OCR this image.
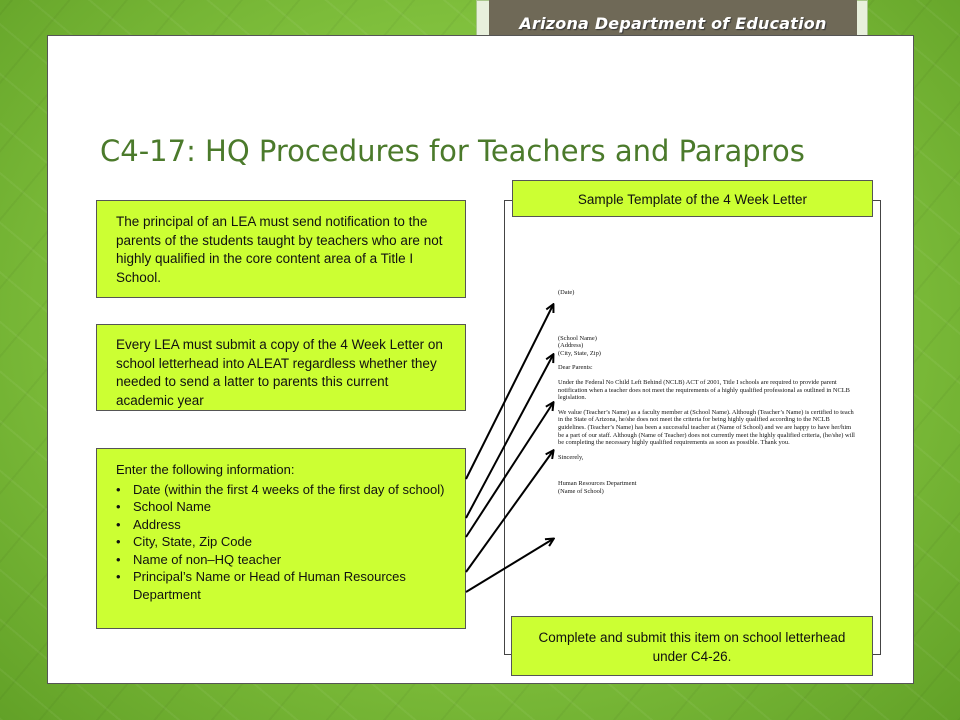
Arizona Department of Education
C4-17: HQ Procedures for Teachers and Parapros
The principal of an LEA must send notification to the parents of the students taught by teachers who are not highly qualified in the core content area of a Title I School.
Every LEA must submit a copy of the 4 Week Letter on school letterhead into ALEAT regardless whether they needed to send a latter to parents this current academic year
Enter the following information:
• Date (within the first 4 weeks of the first day of school)
• School Name
• Address
• City, State, Zip Code
• Name of non–HQ teacher
• Principal’s Name or Head of Human Resources Department
Sample Template of the 4 Week Letter

(Date)

(School Name)

(Address)

(City, State, Zip)

Dear Parents:

Under the Federal No Child Left Behind (NCLB) ACT of 2001, Title I schools are required to provide parent notification when a teacher does not meet the requirements of a highly qualified professional as outlined in NCLB legislation.

We value (Teacher’s Name) as a faculty member at (School Name). Although (Teacher’s Name) is certified to teach in the State of Arizona, he/she does not meet the criteria for being highly qualified according to the NCLB guidelines. (Teacher’s Name) has been a successful teacher at (Name of School) and we are happy to have her/him be a part of our staff. Although (Name of Teacher) does not currently meet the highly qualified criteria, (he/she) will be completing the necessary highly qualified requirements as soon as possible. Thank you.

Sincerely,

Human Resources Department

(Name of School)

Complete and submit this item on school letterhead under C4-26.
